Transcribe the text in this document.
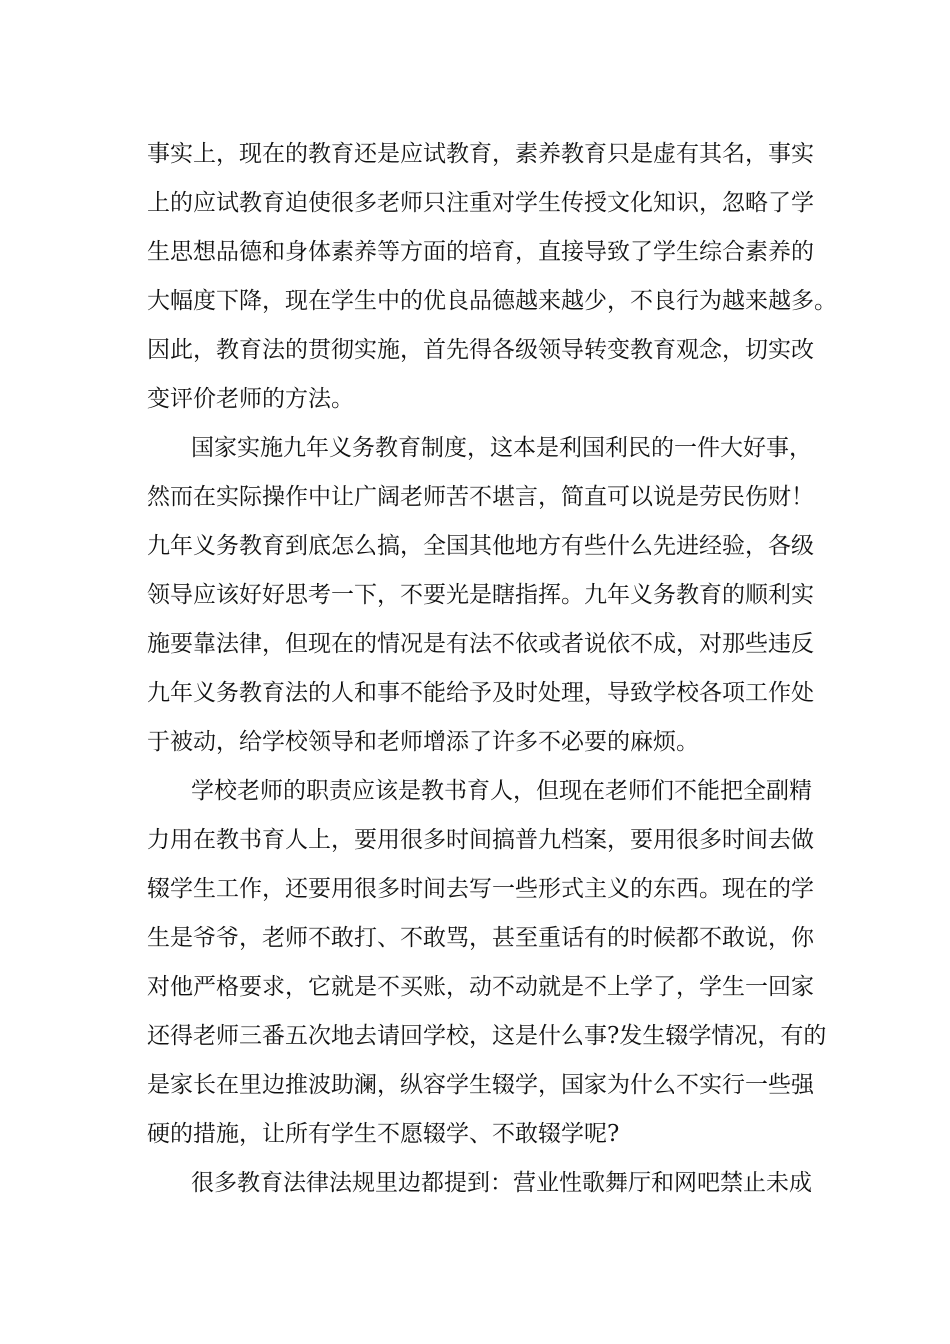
事实上，现在的教育还是应试教育，素养教育只是虚有其名，事实
上的应试教育迫使很多老师只注重对学生传授文化知识，忽略了学
生思想品德和身体素养等方面的培育，直接导致了学生综合素养的
大幅度下降，现在学生中的优良品德越来越少，不良行为越来越多。
因此，教育法的贯彻实施，首先得各级领导转变教育观念，切实改
变评价老师的方法。
国家实施九年义务教育制度，这本是利国利民的一件大好事，
然而在实际操作中让广阔老师苦不堪言，简直可以说是劳民伤财！
九年义务教育到底怎么搞，全国其他地方有些什么先进经验，各级
领导应该好好思考一下，不要光是瞎指挥。九年义务教育的顺利实
施要靠法律，但现在的情况是有法不依或者说依不成，对那些违反
九年义务教育法的人和事不能给予及时处理，导致学校各项工作处
于被动，给学校领导和老师增添了许多不必要的麻烦。
学校老师的职责应该是教书育人，但现在老师们不能把全副精
力用在教书育人上，要用很多时间搞普九档案，要用很多时间去做
辍学生工作，还要用很多时间去写一些形式主义的东西。现在的学
生是爷爷，老师不敢打、不敢骂，甚至重话有的时候都不敢说，你
对他严格要求，它就是不买账，动不动就是不上学了，学生一回家
还得老师三番五次地去请回学校，这是什么事?发生辍学情况，有的
是家长在里边推波助澜，纵容学生辍学，国家为什么不实行一些强
硬的措施，让所有学生不愿辍学、不敢辍学呢?
很多教育法律法规里边都提到：营业性歌舞厅和网吧禁止未成
